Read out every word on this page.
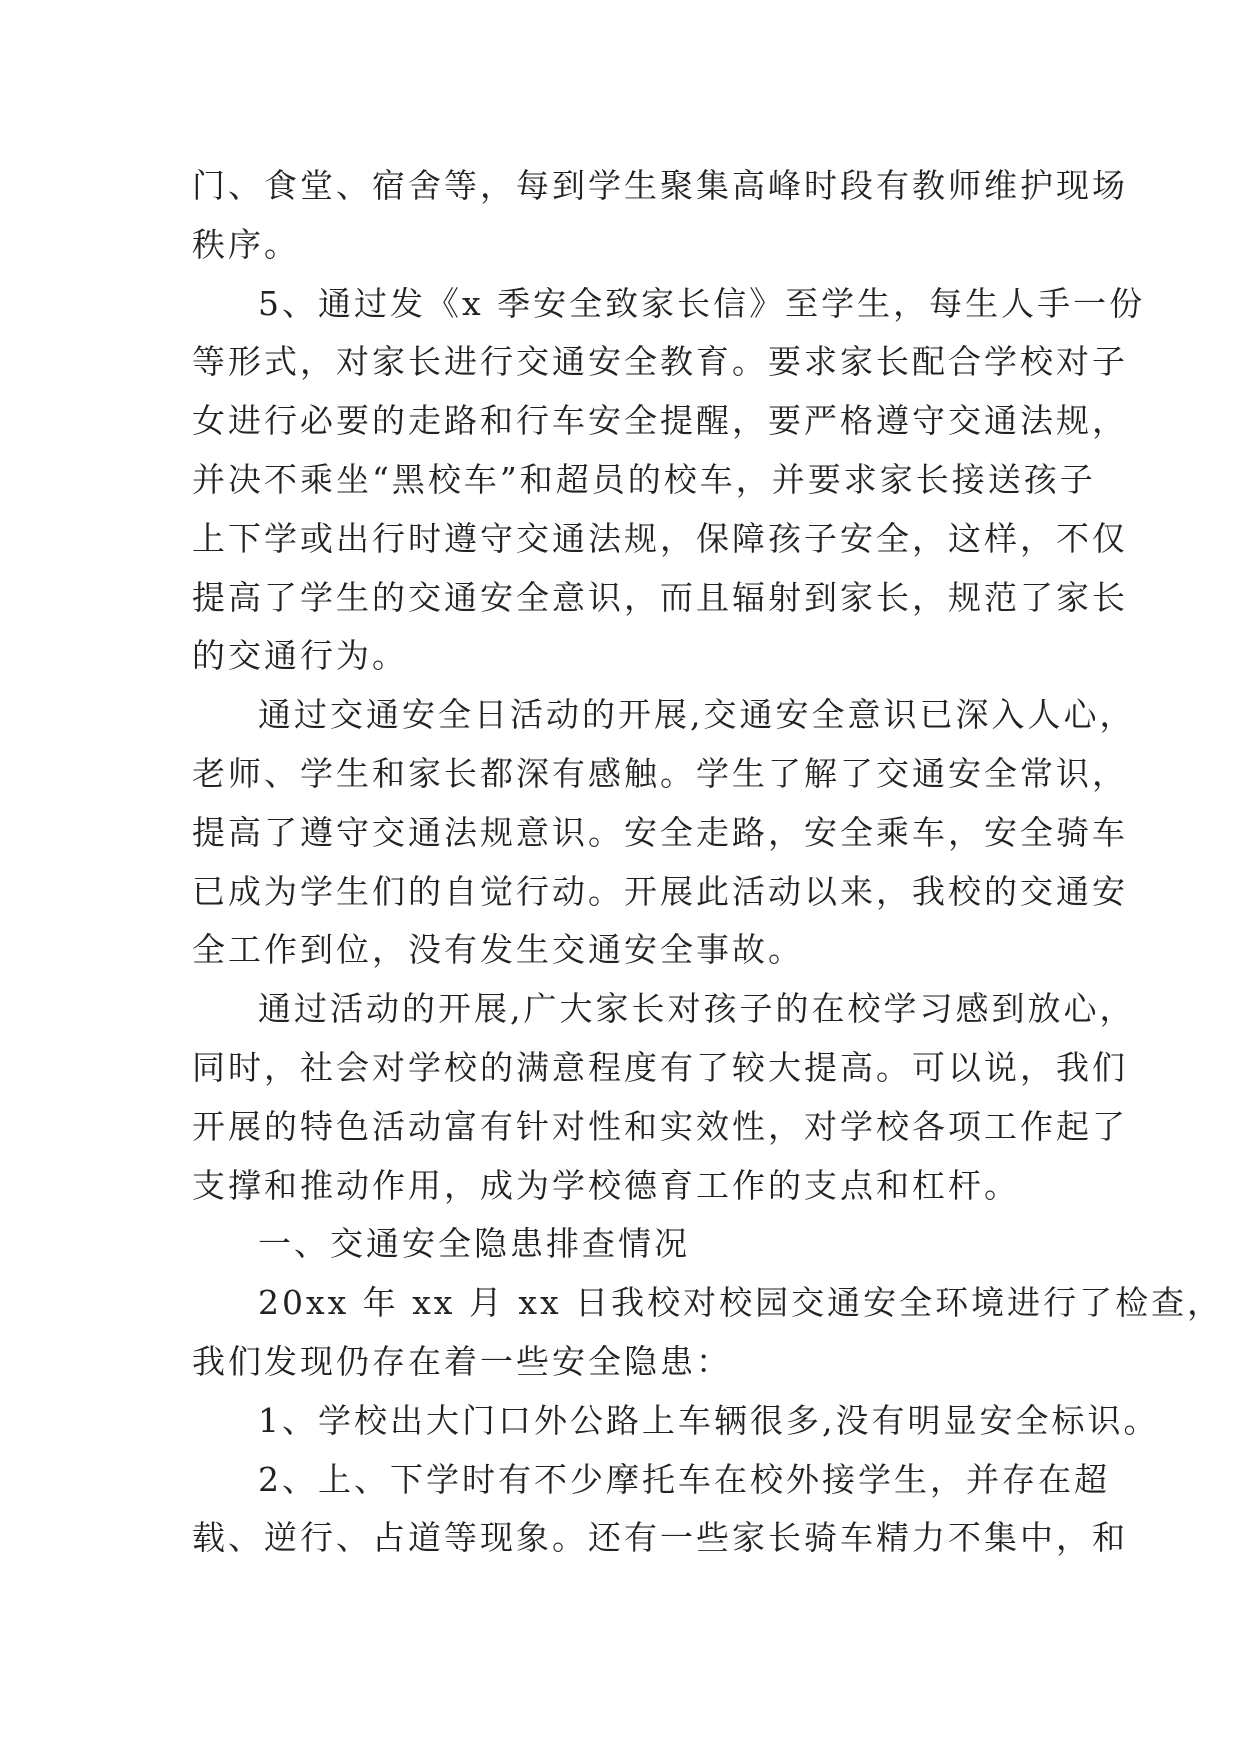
门、食堂、宿舍等，每到学生聚集高峰时段有教师维护现场
秩序。
5、通过发《x 季安全致家长信》至学生，每生人手一份
等形式，对家长进行交通安全教育。要求家长配合学校对子
女进行必要的走路和行车安全提醒，要严格遵守交通法规，
并决不乘坐“黑校车”和超员的校车，并要求家长接送孩子
上下学或出行时遵守交通法规，保障孩子安全，这样，不仅
提高了学生的交通安全意识，而且辐射到家长，规范了家长
的交通行为。
通过交通安全日活动的开展,交通安全意识已深入人心，
老师、学生和家长都深有感触。学生了解了交通安全常识，
提高了遵守交通法规意识。安全走路，安全乘车，安全骑车
已成为学生们的自觉行动。开展此活动以来，我校的交通安
全工作到位，没有发生交通安全事故。
通过活动的开展,广大家长对孩子的在校学习感到放心，
同时，社会对学校的满意程度有了较大提高。可以说，我们
开展的特色活动富有针对性和实效性，对学校各项工作起了
支撑和推动作用，成为学校德育工作的支点和杠杆。
一、交通安全隐患排查情况
20xx 年 xx 月 xx 日我校对校园交通安全环境进行了检查，
我们发现仍存在着一些安全隐患：
1、学校出大门口外公路上车辆很多,没有明显安全标识。
2、上、下学时有不少摩托车在校外接学生，并存在超
载、逆行、占道等现象。还有一些家长骑车精力不集中，和
